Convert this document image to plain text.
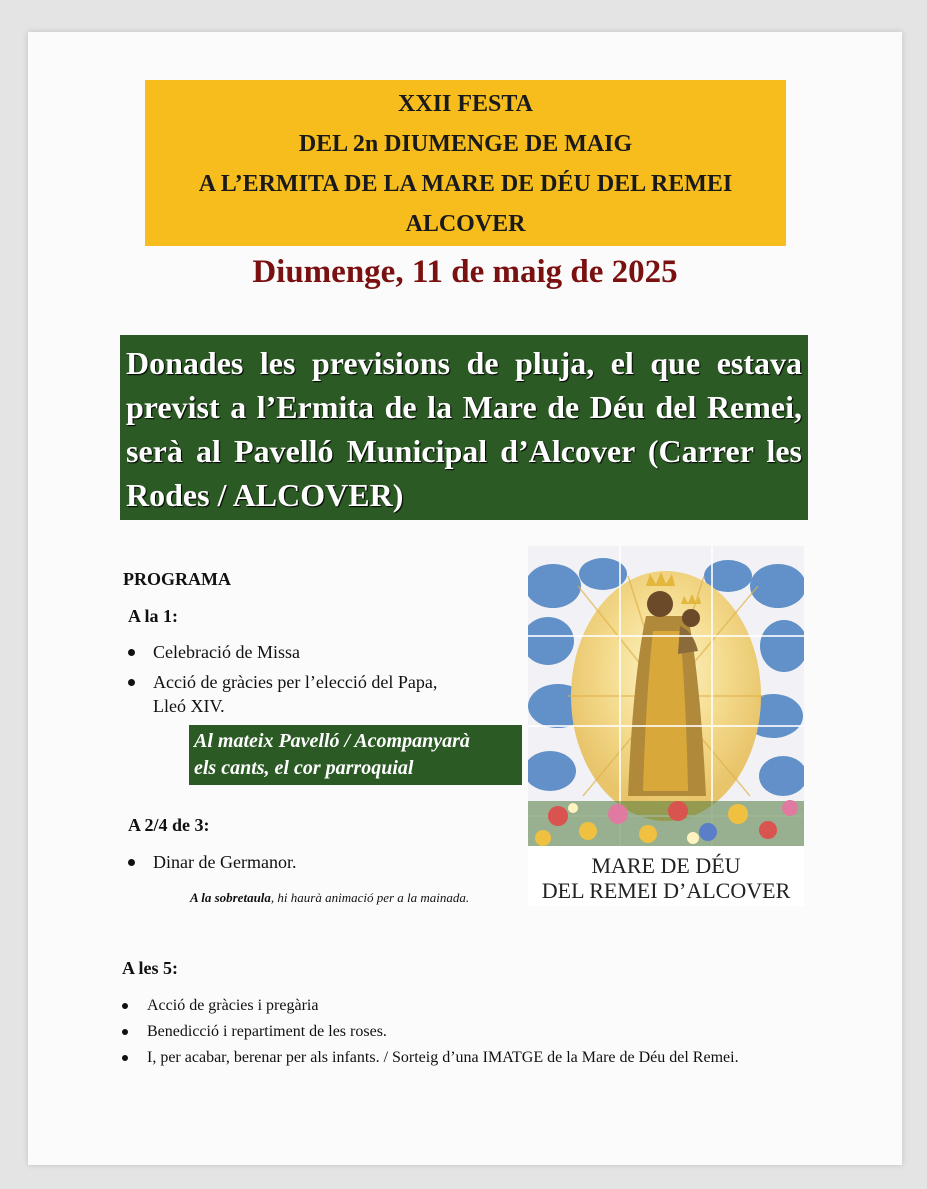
XXII FESTA
DEL 2n DIUMENGE DE MAIG
A L’ERMITA DE LA MARE DE DÉU DEL REMEI
ALCOVER
Diumenge, 11 de maig de 2025
Donades les previsions de pluja, el que estava previst a l’Ermita de la Mare de Déu del Remei, serà al Pavelló Municipal d’Alcover (Carrer les Rodes / ALCOVER)
PROGRAMA
A la 1:
Celebració de Missa
Acció de gràcies per l’elecció del Papa,
Lleó XIV.
Al mateix Pavelló / Acompanyarà
els cants, el cor parroquial
A 2/4 de 3:
Dinar de Germanor.
A la sobretaula, hi haurà animació per a la mainada.
A les 5:
Acció de gràcies i pregària
Benedicció i repartiment de les roses.
I, per acabar, berenar per als infants. / Sorteig d’una IMATGE de la Mare de Déu del Remei.
MARE DE DÉU
DEL REMEI D’ALCOVER
